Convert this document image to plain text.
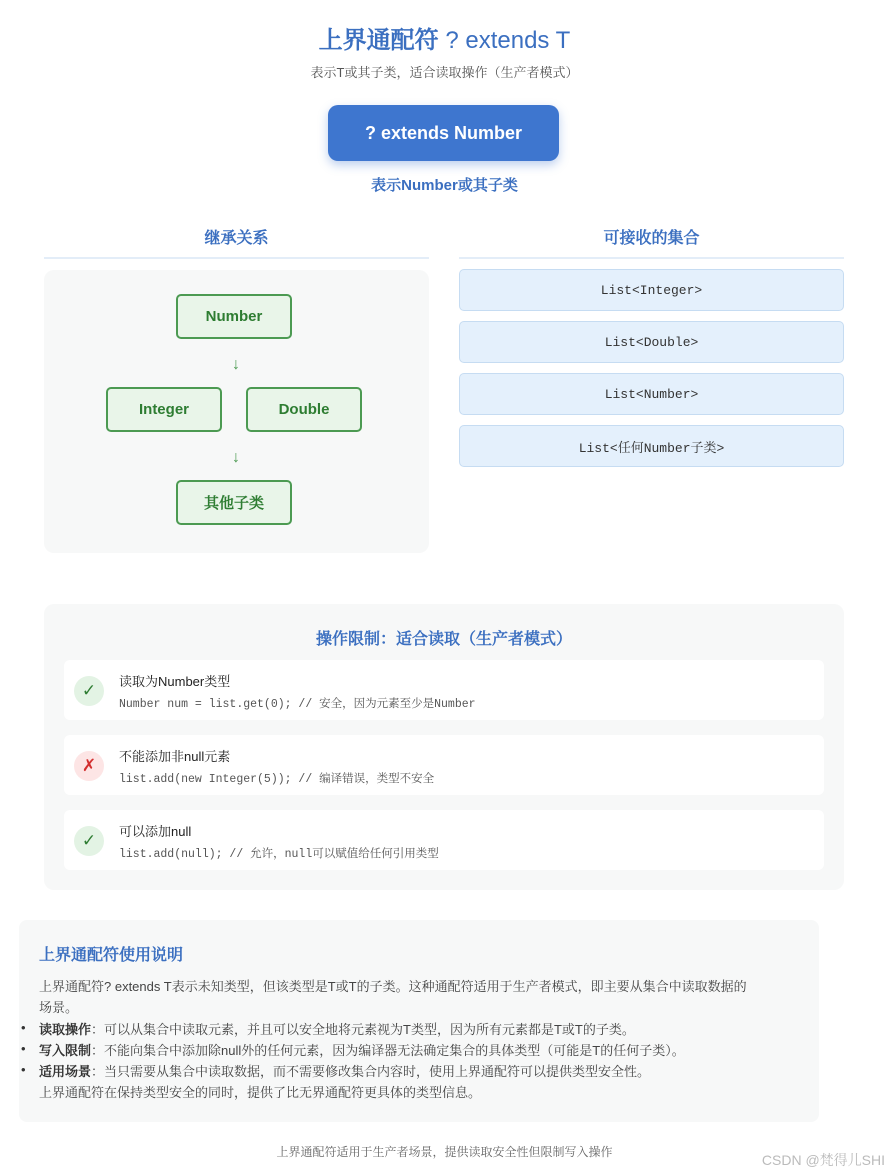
上界通配符 ? extends T
表示T或其子类，适合读取操作（生产者模式）
? extends Number
表示Number或其子类
继承关系
Number
↓
Integer	Double
↓
其他子类
可接收的集合
List<Integer>
List<Double>
List<Number>
List<任何Number子类>
操作限制：适合读取（生产者模式）
✓	读取为Number类型
Number num = list.get(0); // 安全，因为元素至少是Number
✗	不能添加非null元素
list.add(new Integer(5)); // 编译错误，类型不安全
✓	可以添加null
list.add(null); // 允许，null可以赋值给任何引用类型
上界通配符使用说明
上界通配符? extends T表示未知类型，但该类型是T或T的子类。这种通配符适用于生产者模式，即主要从集合中读取数据的
场景。
• 读取操作：可以从集合中读取元素，并且可以安全地将元素视为T类型，因为所有元素都是T或T的子类。
• 写入限制：不能向集合中添加除null外的任何元素，因为编译器无法确定集合的具体类型（可能是T的任何子类）。
• 适用场景：当只需要从集合中读取数据，而不需要修改集合内容时，使用上界通配符可以提供类型安全性。
上界通配符在保持类型安全的同时，提供了比无界通配符更具体的类型信息。
上界通配符适用于生产者场景，提供读取安全性但限制写入操作	CSDN @梵得儿SHI
